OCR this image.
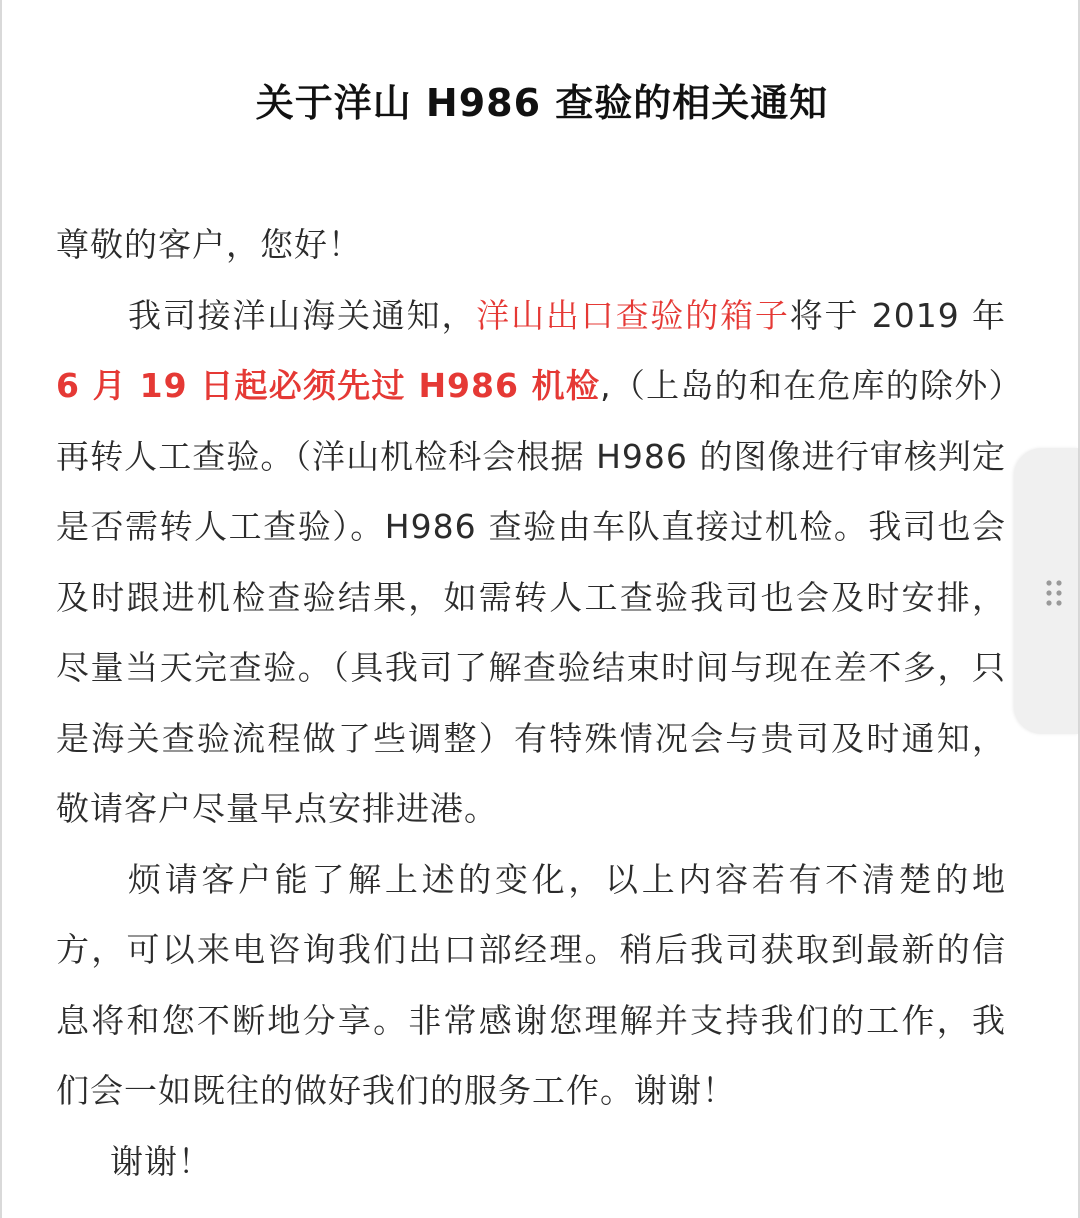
关于洋山 H986 查验的相关通知

尊敬的客户，您好！

我司接洋山海关通知，洋山出口查验的箱子将于 2019 年 6 月 19 日起必须先过 H986 机检,（上岛的和在危库的除外）再转人工查验。（洋山机检科会根据 H986 的图像进行审核判定是否需转人工查验）。H986 查验由车队直接过机检。我司也会及时跟进机检查验结果，如需转人工查验我司也会及时安排，尽量当天完查验。（具我司了解查验结束时间与现在差不多，只是海关查验流程做了些调整）有特殊情况会与贵司及时通知，敬请客户尽量早点安排进港。

烦请客户能了解上述的变化，以上内容若有不清楚的地方，可以来电咨询我们出口部经理。稍后我司获取到最新的信息将和您不断地分享。非常感谢您理解并支持我们的工作，我们会一如既往的做好我们的服务工作。谢谢！

谢谢！
